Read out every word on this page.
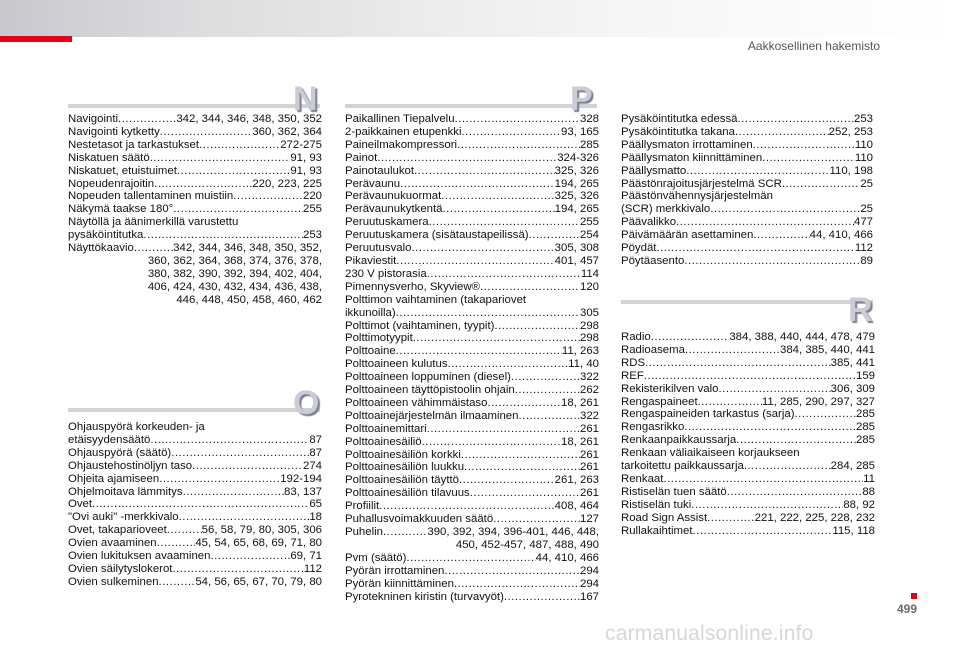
Aakkosellinen hakemisto
N
Navigointi .....	342, 344, 346, 348, 350, 352
Navigointi kytketty .....	360, 362, 364
Nestetasot ja tarkastukset .....	272-275
Niskatuen säätö .....	91, 93
Niskatuet, etuistuimet .....	91, 93
Nopeudenrajoitin .....	220, 223, 225
Nopeuden tallentaminen muistiin .....	220
Näkymä taakse 180° .....	255
Näytöllä ja äänimerkillä varustettu
pysäköintitutka .....	253
Näyttökaavio .....	342, 344, 346, 348, 350, 352,
360, 362, 364, 368, 374, 376, 378,
380, 382, 390, 392, 394, 402, 404,
406, 424, 430, 432, 434, 436, 438,
446, 448, 450, 458, 460, 462
O
Ohjauspyörä korkeuden- ja
etäisyydensäätö .....	87
Ohjauspyörä (säätö) .....	87
Ohjaustehostinöljyn taso .....	274
Ohjeita ajamiseen .....	192-194
Ohjelmoitava lämmitys .....	83, 137
Ovet .....	65
"Ovi auki" -merkkivalo .....	18
Ovet, takaparioveet .....	56, 58, 79, 80, 305, 306
Ovien avaaminen .....	45, 54, 65, 68, 69, 71, 80
Ovien lukituksen avaaminen .....	69, 71
Ovien säilytyslokerot .....	112
Ovien sulkeminen .....	54, 56, 65, 67, 70, 79, 80
P
Paikallinen Tiepalvelu .....	328
2-paikkainen etupenkki .....	93, 165
Paineilmakompressori .....	285
Painot .....	324-326
Painotaulukot .....	325, 326
Perävaunu .....	194, 265
Perävaunukuormat .....	325, 326
Perävaunukytkentä .....	194, 265
Peruutuskamera .....	255
Peruutuskamera (sisätaustapeilissä) .....	254
Peruutusvalo .....	305, 308
Pikaviestit .....	401, 457
230 V pistorasia .....	114
Pimennysverho, Skyview® .....	120
Polttimon vaihtaminen (takapariovet
ikkunoilla) .....	305
Polttimot (vaihtaminen, tyypit) .....	298
Polttimotyypit .....	298
Polttoaine .....	11, 263
Polttoaineen kulutus .....	11, 40
Polttoaineen loppuminen (diesel) .....	322
Polttoaineen täyttöpistoolin ohjain .....	262
Polttoaineen vähimmäistaso .....	18, 261
Polttoainejärjestelmän ilmaaminen .....	322
Polttoainemittari .....	261
Polttoainesäiliö .....	18, 261
Polttoainesäiliön korkki .....	261
Polttoainesäiliön luukku .....	261
Polttoainesäiliön täyttö .....	261, 263
Polttoainesäiliön tilavuus .....	261
Profiilit .....	408, 464
Puhallusvoimakkuuden säätö .....	127
Puhelin .....	390, 392, 394, 396-401, 446, 448,
450, 452-457, 487, 488, 490
Pvm (säätö) .....	44, 410, 466
Pyörän irrottaminen .....	294
Pyörän kiinnittäminen .....	294
Pyrotekninen kiristin (turvavyöt) .....	167
Pysäköintitutka edessä .....	253
Pysäköintitutka takana .....	252, 253
Päällysmaton irrottaminen .....	110
Päällysmaton kiinnittäminen .....	110
Päällysmatto .....	110, 198
Päästönrajoitusjärjestelmä SCR .....	25
Päästönvähennysjärjestelmän
(SCR) merkkivalo .....	25
Päävalikko .....	477
Päivämäärän asettaminen .....	44, 410, 466
Pöydät .....	112
Pöytäasento .....	89
R
Radio .....	384, 388, 440, 444, 478, 479
Radioasema .....	384, 385, 440, 441
RDS .....	385, 441
REF .....	159
Rekisterikilven valo .....	306, 309
Rengaspaineet .....	11, 285, 290, 297, 327
Rengaspaineiden tarkastus (sarja) .....	285
Rengasrikko .....	285
Renkaanpaikkaussarja .....	285
Renkaan väliaikaiseen korjaukseen
tarkoitettu paikkaussarja .....	284, 285
Renkaat .....	11
Ristiselän tuen säätö .....	88
Ristiselän tuki .....	88, 92
Road Sign Assist .....	221, 222, 225, 228, 232
Rullakaihtimet .....	115, 118
499
carmanualsonline.info
